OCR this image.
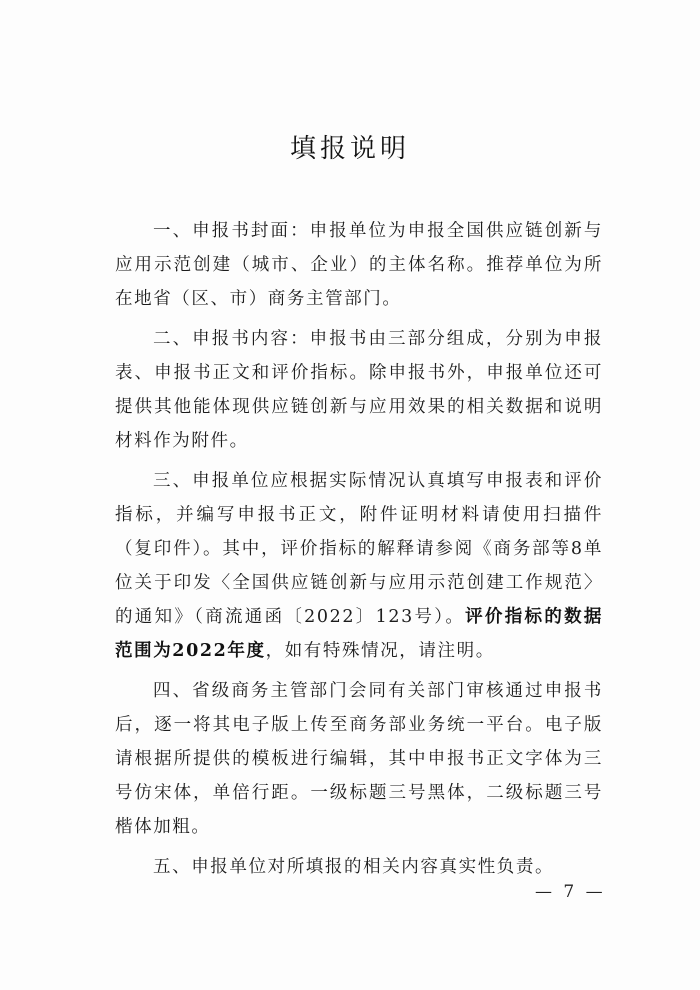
填报说明

一、申报书封面：申报单位为申报全国供应链创新与应用示范创建（城市、企业）的主体名称。推荐单位为所在地省（区、市）商务主管部门。

二、申报书内容：申报书由三部分组成，分别为申报表、申报书正文和评价指标。除申报书外，申报单位还可提供其他能体现供应链创新与应用效果的相关数据和说明材料作为附件。

三、申报单位应根据实际情况认真填写申报表和评价指标，并编写申报书正文，附件证明材料请使用扫描件（复印件）。其中，评价指标的解释请参阅《商务部等8单位关于印发〈全国供应链创新与应用示范创建工作规范〉的通知》（商流通函〔2022〕123号）。评价指标的数据范围为2022年度，如有特殊情况，请注明。

四、省级商务主管部门会同有关部门审核通过申报书后，逐一将其电子版上传至商务部业务统一平台。电子版请根据所提供的模板进行编辑，其中申报书正文字体为三号仿宋体，单倍行距。一级标题三号黑体，二级标题三号楷体加粗。

五、申报单位对所填报的相关内容真实性负责。

— 7 —
